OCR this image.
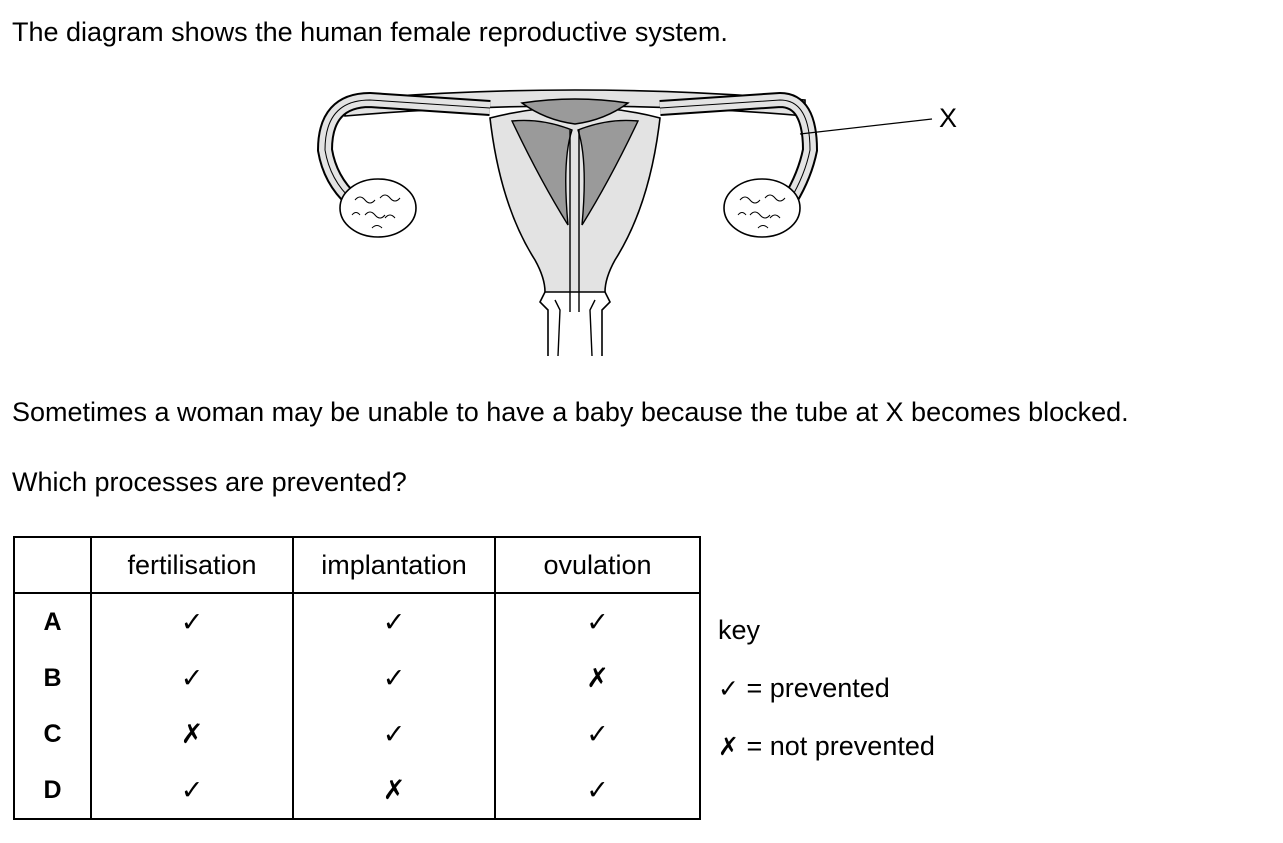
The diagram shows the human female reproductive system.
X
Sometimes a woman may be unable to have a baby because the tube at X becomes blocked.
Which processes are prevented?
	fertilisation	implantation	ovulation
A	✓	✓	✓
B	✓	✓	✗
C	✗	✓	✓
D	✓	✗	✓
key
✓ = prevented
✗ = not prevented
